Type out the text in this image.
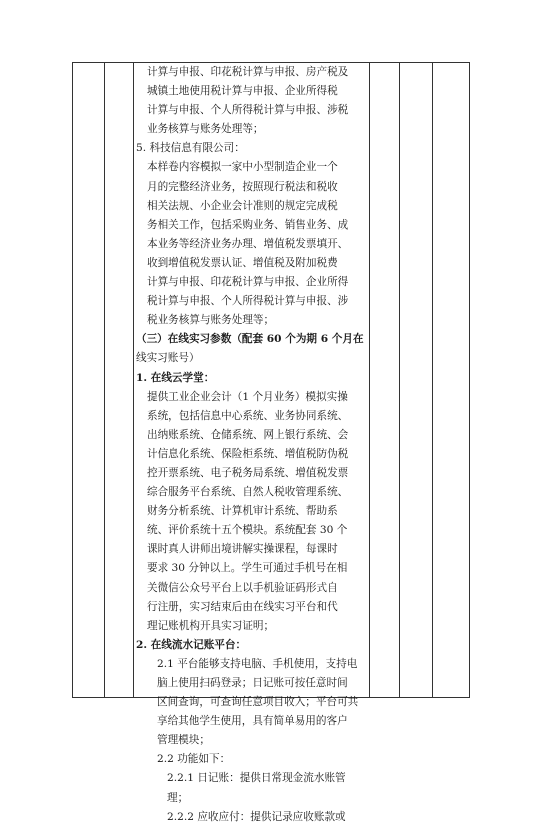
计算与申报、印花税计算与申报、房产税及
城镇土地使用税计算与申报、企业所得税
计算与申报、个人所得税计算与申报、涉税
业务核算与账务处理等；
5. 科技信息有限公司：
本样卷内容模拟一家中小型制造企业一个
月的完整经济业务，按照现行税法和税收
相关法规、小企业会计准则的规定完成税
务相关工作，包括采购业务、销售业务、成
本业务等经济业务办理、增值税发票填开、
收到增值税发票认证、增值税及附加税费
计算与申报、印花税计算与申报、企业所得
税计算与申报、个人所得税计算与申报、涉
税业务核算与账务处理等；
（三）在线实习参数（配套 60 个为期 6 个月在
线实习账号）
1. 在线云学堂：
提供工业企业会计（1 个月业务）模拟实操
系统，包括信息中心系统、业务协同系统、
出纳账系统、仓储系统、网上银行系统、会
计信息化系统、保险柜系统、增值税防伪税
控开票系统、电子税务局系统、增值税发票
综合服务平台系统、自然人税收管理系统、
财务分析系统、计算机审计系统、帮助系
统、评价系统十五个模块。系统配套 30 个
课时真人讲师出境讲解实操课程，每课时
要求 30 分钟以上。学生可通过手机号在相
关微信公众号平台上以手机验证码形式自
行注册，实习结束后由在线实习平台和代
理记账机构开具实习证明；
2. 在线流水记账平台：
2.1 平台能够支持电脑、手机使用，支持电
脑上使用扫码登录；日记账可按任意时间
区间查询，可查询任意项目收入；平台可共
享给其他学生使用，具有简单易用的客户
管理模块；
2.2 功能如下：
2.2.1 日记账：提供日常现金流水账管
理；
2.2.2 应收应付：提供记录应收账款或
